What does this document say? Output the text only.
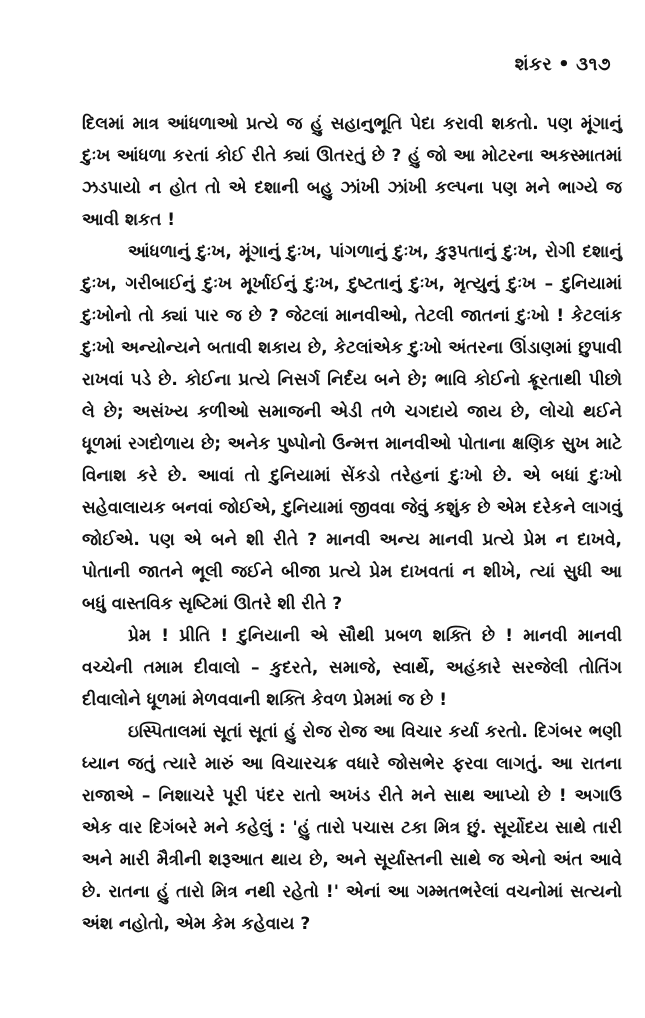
શંકર • ૩૧૭

દિલમાં માત્ર આંધળાઓ પ્રત્યે જ હું સહાનુભૂતિ પેદા કરાવી શકતો. પણ મૂંગાનું દુઃખ આંધળા કરતાં કોઈ રીતે ક્યાં ઊતરતું છે ? હું જો આ મોટરના અકસ્માતમાં ઝડપાયો ન હોત તો એ દશાની બહુ ઝાંખી ઝાંખી કલ્પના પણ મને ભાગ્યે જ આવી શકત !

આંધળાનું દુઃખ, મૂંગાનું દુઃખ, પાંગળાનું દુઃખ, કુરૂપતાનું દુઃખ, રોગી દશાનું દુઃખ, ગરીબાઈનું દુઃખ મૂર્ખાઈનું દુઃખ, દુષ્ટતાનું દુઃખ, મૃત્યુનું દુઃખ – દુનિયામાં દુઃખોનો તો ક્યાં પાર જ છે ? જેટલાં માનવીઓ, તેટલી જાતનાં દુઃખો ! કેટલાંક દુઃખો અન્યોન્યને બતાવી શકાય છે, કેટલાંએક દુઃખો અંતરના ઊંડાણમાં છુપાવી રાખવાં પડે છે. કોઈના પ્રત્યે નિસર્ગ નિર્દય બને છે; ભાવિ કોઈનો ક્રૂરતાથી પીછો લે છે; અસંખ્ય કળીઓ સમાજની એડી તળે ચગદાયે જાય છે, લોચો થઈને ધૂળમાં રગદોળાય છે; અનેક પુષ્પોનો ઉન્મત્ત માનવીઓ પોતાના ક્ષણિક સુખ માટે વિનાશ કરે છે. આવાં તો દુનિયામાં સેંકડો તરેહનાં દુઃખો છે. એ બધાં દુઃખો સહેવાલાયક બનવાં જોઈએ, દુનિયામાં જીવવા જેવું કશુંક છે એમ દરેકને લાગવું જોઈએ. પણ એ બને શી રીતે ? માનવી અન્ય માનવી પ્રત્યે પ્રેમ ન દાખવે, પોતાની જાતને ભૂલી જઈને બીજા પ્રત્યે પ્રેમ દાખવતાં ન શીખે, ત્યાં સુધી આ બધું વાસ્તવિક સૃષ્ટિમાં ઊતરે શી રીતે ?

પ્રેમ ! પ્રીતિ ! દુનિયાની એ સૌથી પ્રબળ શક્તિ છે ! માનવી માનવી વચ્ચેની તમામ દીવાલો – કુદરતે, સમાજે, સ્વાર્થે, અહંકારે સરજેલી તોતિંગ દીવાલોને ધૂળમાં મેળવવાની શક્તિ કેવળ પ્રેમમાં જ છે !

ઇસ્પિતાલમાં સૂતાં સૂતાં હું રોજ રોજ આ વિચાર કર્યા કરતો. દિગંબર ભણી ધ્યાન જતું ત્યારે મારું આ વિચારચક્ર વધારે જોસભેર ફરવા લાગતું. આ રાતના રાજાએ – નિશાચરે પૂરી પંદર રાતો અખંડ રીતે મને સાથ આપ્યો છે ! અગાઉ એક વાર દિગંબરે મને કહેલું : 'હું તારો પચાસ ટકા મિત્ર છું. સૂર્યોદય સાથે તારી અને મારી મૈત્રીની શરૂઆત થાય છે, અને સૂર્યાસ્તની સાથે જ એનો અંત આવે છે. રાતના હું તારો મિત્ર નથી રહેતો !' એનાં આ ગમ્મતભરેલાં વચનોમાં સત્યનો અંશ નહોતો, એમ કેમ કહેવાય ?
